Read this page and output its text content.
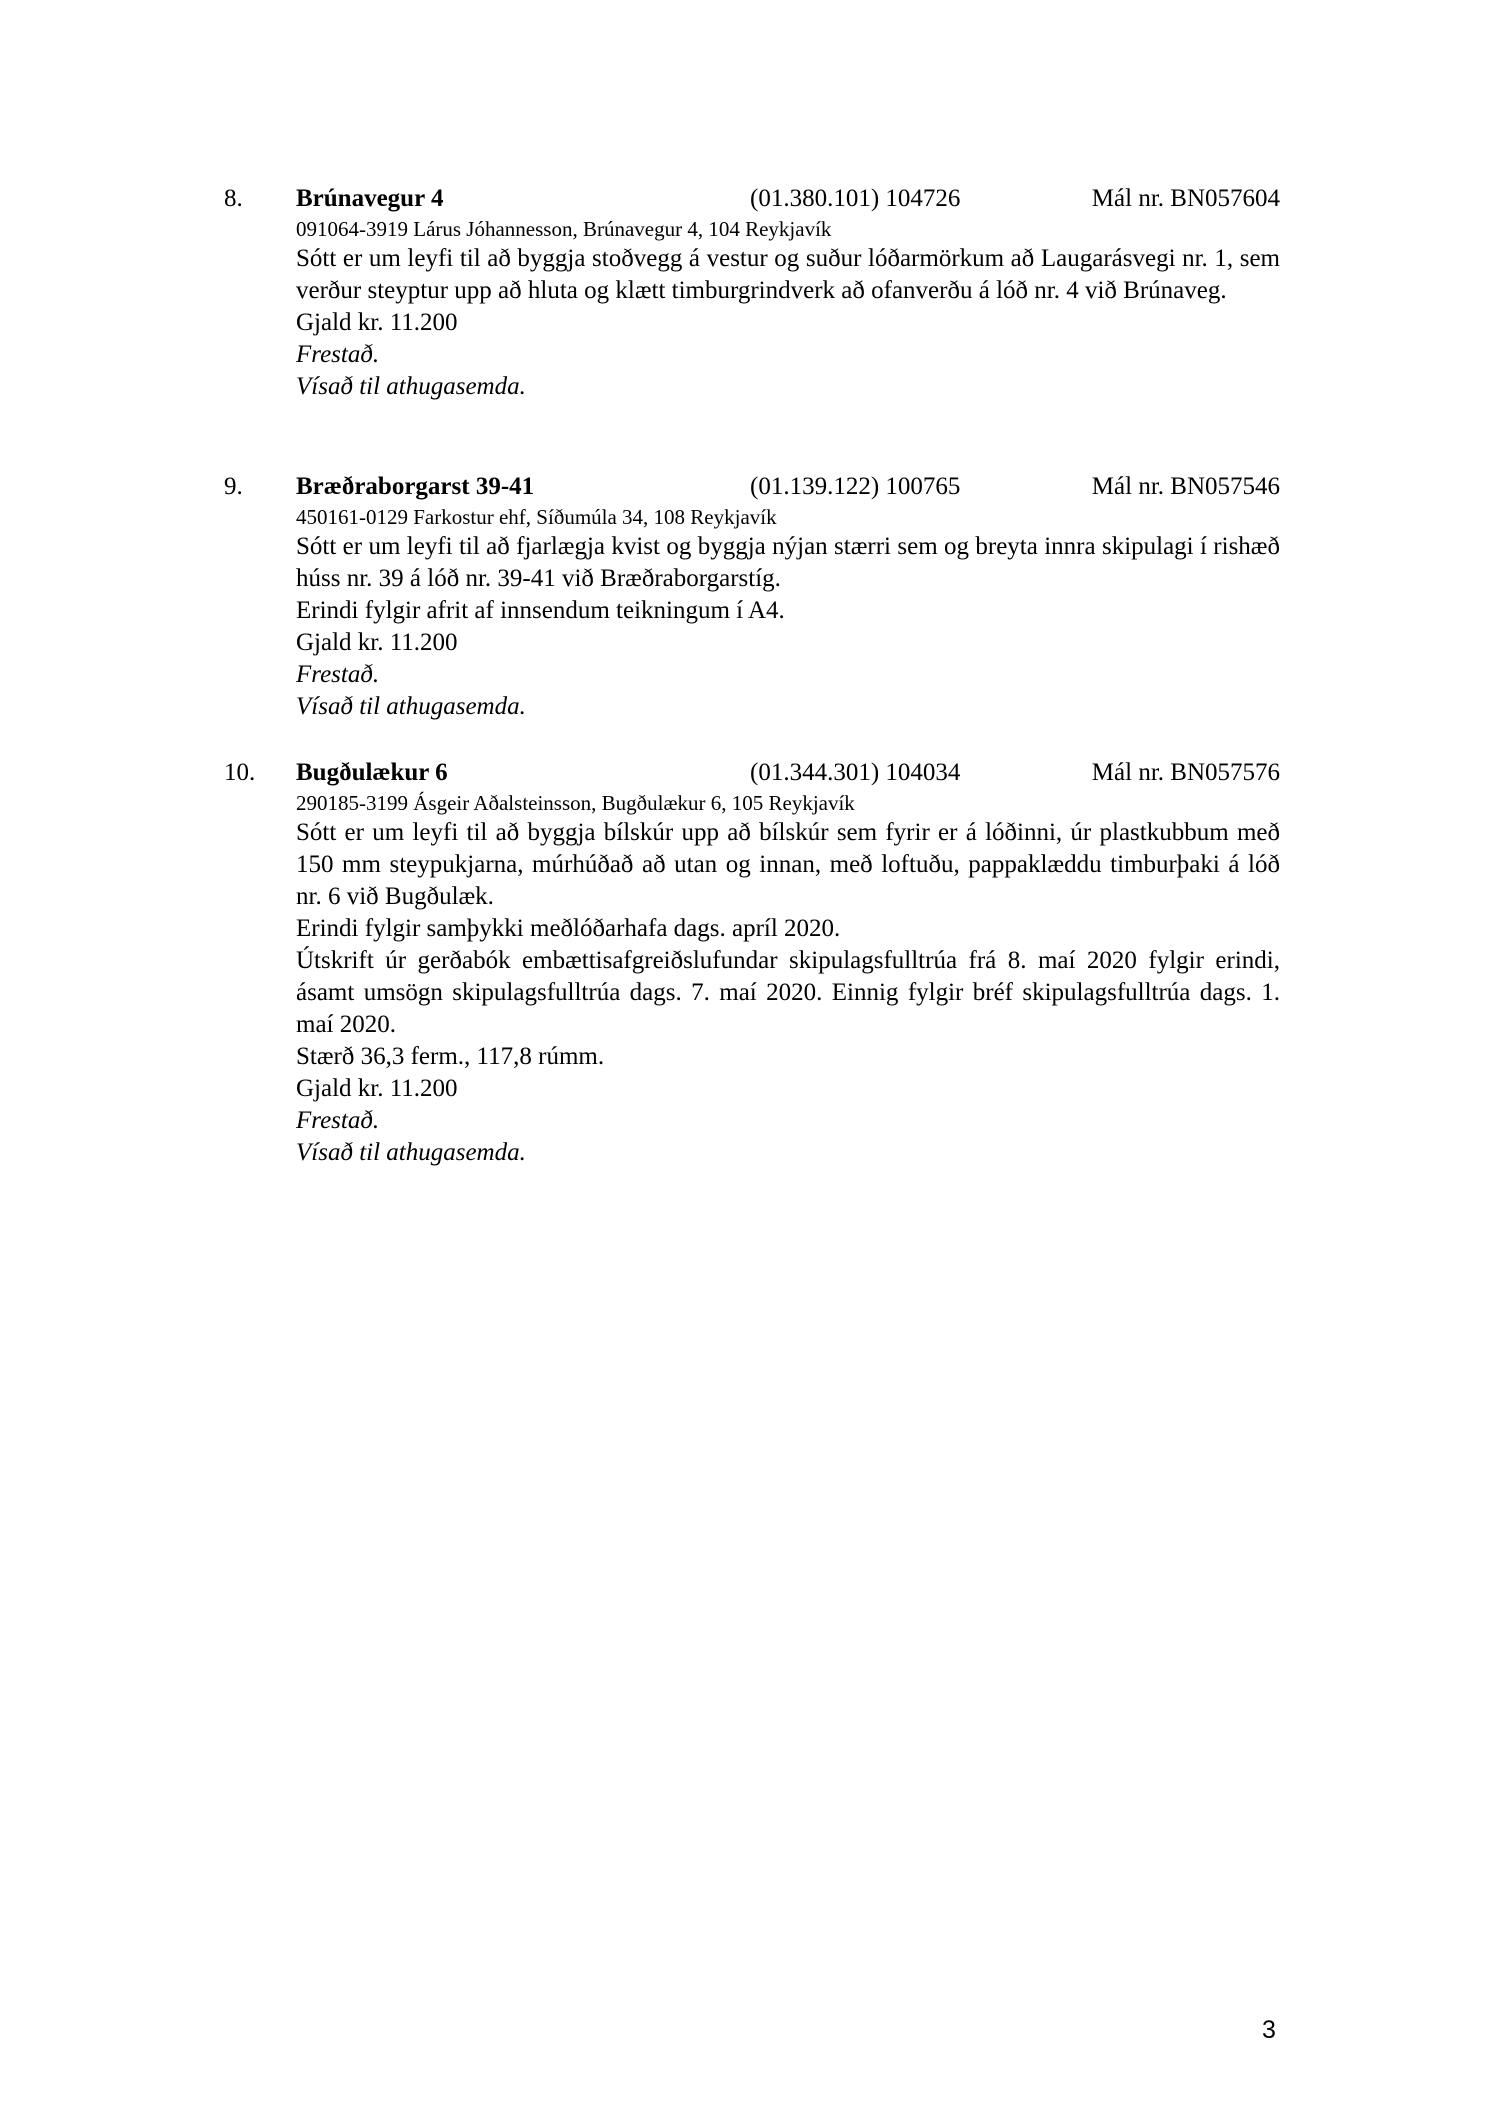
8. Brúnavegur 4	(01.380.101) 104726	Mál nr. BN057604
091064-3919 Lárus Jóhannesson, Brúnavegur 4, 104 Reykjavík

Sótt er um leyfi til að byggja stoðvegg á vestur og suður lóðarmörkum að Laugarásvegi nr. 1, sem verður steyptur upp að hluta og klætt timburgrindverk að ofanverðu á lóð nr. 4 við Brúnaveg.

Gjald kr. 11.200

Frestað.

Vísað til athugasemda.

9. Bræðraborgarst 39-41	(01.139.122) 100765	Mál nr. BN057546
450161-0129 Farkostur ehf, Síðumúla 34, 108 Reykjavík

Sótt er um leyfi til að fjarlægja kvist og byggja nýjan stærri sem og breyta innra skipulagi í rishæð húss nr. 39 á lóð nr. 39-41 við Bræðraborgarstíg.

Erindi fylgir afrit af innsendum teikningum í A4.

Gjald kr. 11.200

Frestað.

Vísað til athugasemda.

10. Bugðulækur 6	(01.344.301) 104034	Mál nr. BN057576
290185-3199 Ásgeir Aðalsteinsson, Bugðulækur 6, 105 Reykjavík

Sótt er um leyfi til að byggja bílskúr upp að bílskúr sem fyrir er á lóðinni, úr plastkubbum með 150 mm steypukjarna, múrhúðað að utan og innan, með loftuðu, pappaklæddu timburþaki á lóð nr. 6 við Bugðulæk.

Erindi fylgir samþykki meðlóðarhafa dags. apríl 2020.

Útskrift úr gerðabók embættisafgreiðslufundar skipulagsfulltrúa frá 8. maí 2020 fylgir erindi, ásamt umsögn skipulagsfulltrúa dags. 7. maí 2020. Einnig fylgir bréf skipulagsfulltrúa dags. 1. maí 2020.

Stærð 36,3 ferm., 117,8 rúmm.

Gjald kr. 11.200

Frestað.

Vísað til athugasemda.

3
